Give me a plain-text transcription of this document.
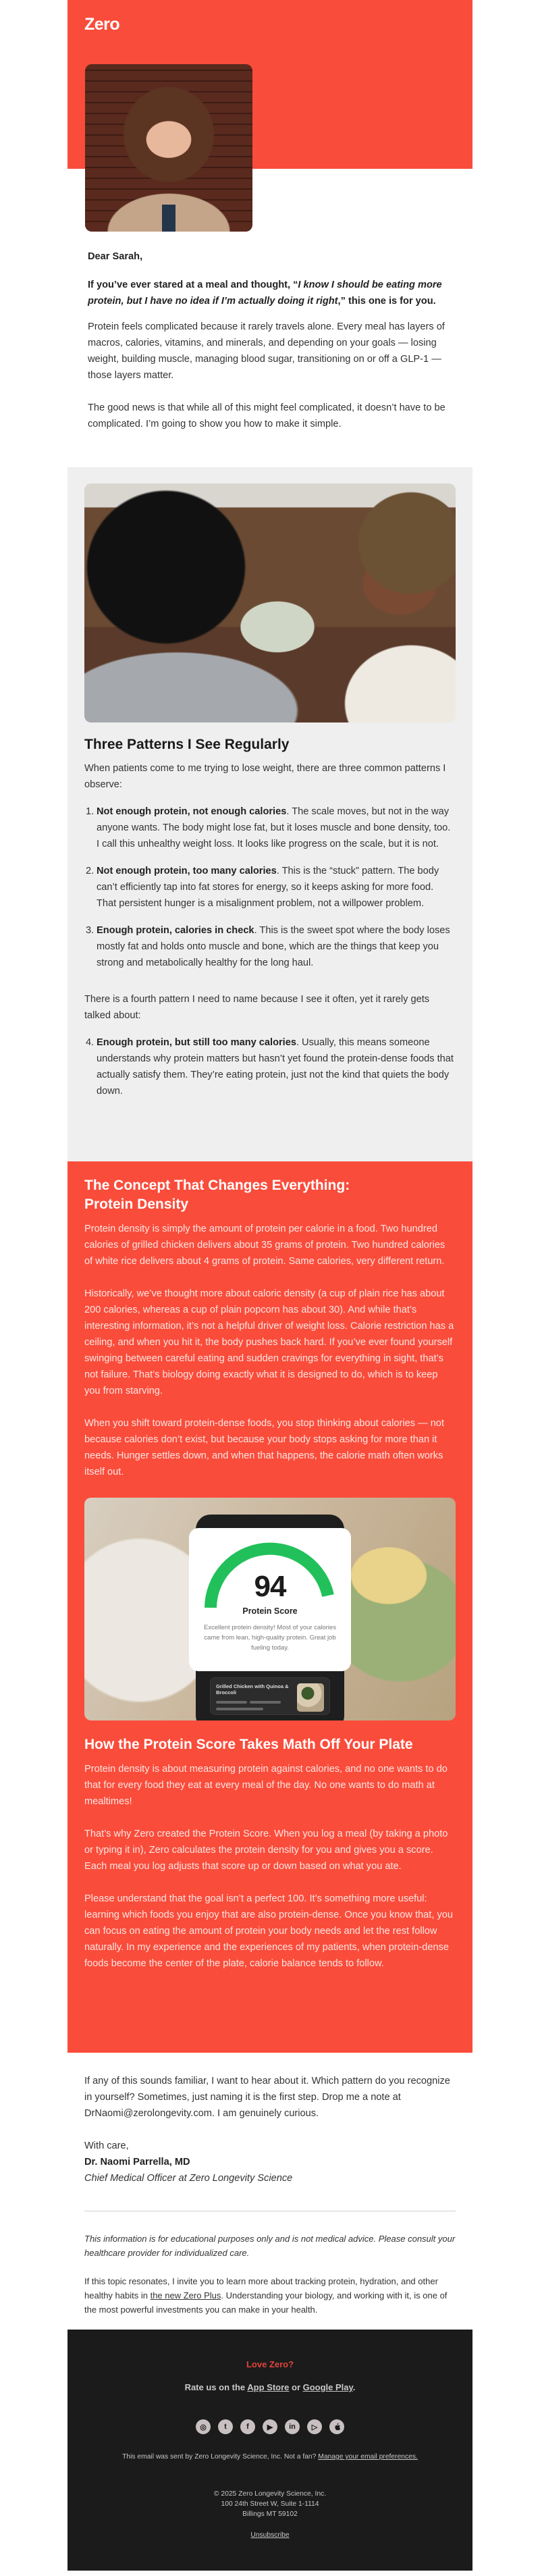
Zero

Dear Sarah,

If you’ve ever stared at a meal and thought, “I know I should be eating more protein, but I have no idea if I’m actually doing it right,” this one is for you.

Protein feels complicated because it rarely travels alone. Every meal has layers of macros, calories, vitamins, and minerals, and depending on your goals — losing weight, building muscle, managing blood sugar, transitioning on or off a GLP-1 — those layers matter.

The good news is that while all of this might feel complicated, it doesn’t have to be complicated. I’m going to show you how to make it simple.

Three Patterns I See Regularly

When patients come to me trying to lose weight, there are three common patterns I observe:

1. Not enough protein, not enough calories. The scale moves, but not in the way anyone wants. The body might lose fat, but it loses muscle and bone density, too. I call this unhealthy weight loss. It looks like progress on the scale, but it is not.
2. Not enough protein, too many calories. This is the “stuck” pattern. The body can’t efficiently tap into fat stores for energy, so it keeps asking for more food. That persistent hunger is a misalignment problem, not a willpower problem.
3. Enough protein, calories in check. This is the sweet spot where the body loses mostly fat and holds onto muscle and bone, which are the things that keep you strong and metabolically healthy for the long haul.

There is a fourth pattern I need to name because I see it often, yet it rarely gets talked about:

4. Enough protein, but still too many calories. Usually, this means someone understands why protein matters but hasn’t yet found the protein-dense foods that actually satisfy them. They’re eating protein, just not the kind that quiets the body down.
The Concept That Changes Everything:
Protein Density

Protein density is simply the amount of protein per calorie in a food. Two hundred calories of grilled chicken delivers about 35 grams of protein. Two hundred calories of white rice delivers about 4 grams of protein. Same calories, very different return.

Historically, we’ve thought more about caloric density (a cup of plain rice has about 200 calories, whereas a cup of plain popcorn has about 30). And while that’s interesting information, it’s not a helpful driver of weight loss. Calorie restriction has a ceiling, and when you hit it, the body pushes back hard. If you’ve ever found yourself swinging between careful eating and sudden cravings for everything in sight, that’s not failure. That’s biology doing exactly what it is designed to do, which is to keep you from starving.

When you shift toward protein-dense foods, you stop thinking about calories — not because calories don’t exist, but because your body stops asking for more than it needs. Hunger settles down, and when that happens, the calorie math often works itself out.

94
Protein Score
Excellent protein density! Most of your calories came from lean, high-quality protein. Great job fueling today.
Grilled Chicken with Quinoa & Broccoli
How the Protein Score Takes Math Off Your Plate

Protein density is about measuring protein against calories, and no one wants to do that for every food they eat at every meal of the day. No one wants to do math at mealtimes!

That’s why Zero created the Protein Score. When you log a meal (by taking a photo or typing it in), Zero calculates the protein density for you and gives you a score. Each meal you log adjusts that score up or down based on what you ate.

Please understand that the goal isn’t a perfect 100. It’s something more useful: learning which foods you enjoy that are also protein-dense. Once you know that, you can focus on eating the amount of protein your body needs and let the rest follow naturally. In my experience and the experiences of my patients, when protein-dense foods become the center of the plate, calorie balance tends to follow.

If any of this sounds familiar, I want to hear about it. Which pattern do you recognize in yourself? Sometimes, just naming it is the first step. Drop me a note at DrNaomi@zerolongevity.com. I am genuinely curious.

With care,

Dr. Naomi Parrella, MD

Chief Medical Officer at Zero Longevity Science

This information is for educational purposes only and is not medical advice. Please consult your healthcare provider for individualized care.

If this topic resonates, I invite you to learn more about tracking protein, hydration, and other healthy habits in the new Zero Plus. Understanding your biology, and working with it, is one of the most powerful investments you can make in your health.

Love Zero?
Rate us on the App Store or Google Play.
◎	t	f	▶	in	▷
This email was sent by Zero Longevity Science, Inc. Not a fan? Manage your email preferences.
© 2025 Zero Longevity Science, Inc.
100 24th Street W, Suite 1-1114
Billings MT 59102
Unsubscribe
